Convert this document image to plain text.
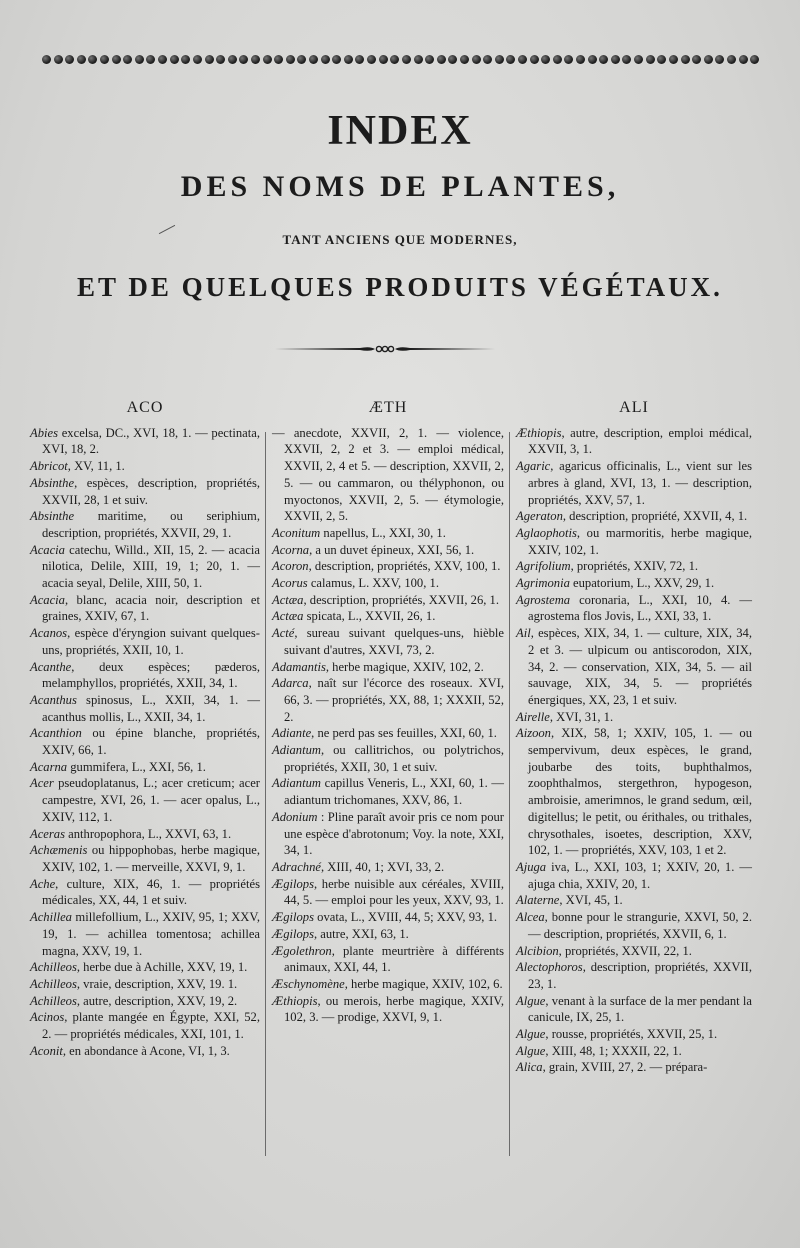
INDEX
DES NOMS DE PLANTES,
TANT ANCIENS QUE MODERNES,
ET DE QUELQUES PRODUITS VÉGÉTAUX.
ACO

Abies excelsa, DC., XVI, 18, 1. — pectinata, XVI, 18, 2.

Abricot, XV, 11, 1.

Absinthe, espèces, description, propriétés, XXVII, 28, 1 et suiv.

Absinthe maritime, ou seriphium, description, propriétés, XXVII, 29, 1.

Acacia catechu, Willd., XII, 15, 2. — acacia nilotica, Delile, XIII, 19, 1; 20, 1. — acacia seyal, Delile, XIII, 50, 1.

Acacia, blanc, acacia noir, description et graines, XXIV, 67, 1.

Acanos, espèce d'éryngion suivant quelques-uns, propriétés, XXII, 10, 1.

Acanthe, deux espèces; pæderos, melamphyllos, propriétés, XXII, 34, 1.

Acanthus spinosus, L., XXII, 34, 1. — acanthus mollis, L., XXII, 34, 1.

Acanthion ou épine blanche, propriétés, XXIV, 66, 1.

Acarna gummifera, L., XXI, 56, 1.

Acer pseudoplatanus, L.; acer creticum; acer campestre, XVI, 26, 1. — acer opalus, L., XXIV, 112, 1.

Aceras anthropophora, L., XXVI, 63, 1.

Achæmenis ou hippophobas, herbe magique, XXIV, 102, 1. — merveille, XXVI, 9, 1.

Ache, culture, XIX, 46, 1. — propriétés médicales, XX, 44, 1 et suiv.

Achillea millefollium, L., XXIV, 95, 1; XXV, 19, 1. — achillea tomentosa; achillea magna, XXV, 19, 1.

Achilleos, herbe due à Achille, XXV, 19, 1.

Achilleos, vraie, description, XXV, 19. 1.

Achilleos, autre, description, XXV, 19, 2.

Acinos, plante mangée en Égypte, XXI, 52, 2. — propriétés médicales, XXI, 101, 1.

Aconit, en abondance à Acone, VI, 1, 3.

ÆTH

— anecdote, XXVII, 2, 1. — violence, XXVII, 2, 2 et 3. — emploi médical, XXVII, 2, 4 et 5. — description, XXVII, 2, 5. — ou cammaron, ou thélyphonon, ou myoctonos, XXVII, 2, 5. — étymologie, XXVII, 2, 5.

Aconitum napellus, L., XXI, 30, 1.

Acorna, a un duvet épineux, XXI, 56, 1.

Acoron, description, propriétés, XXV, 100, 1.

Acorus calamus, L. XXV, 100, 1.

Actæa, description, propriétés, XXVII, 26, 1.

Actæa spicata, L., XXVII, 26, 1.

Acté, sureau suivant quelques-uns, hièble suivant d'autres, XXVI, 73, 2.

Adamantis, herbe magique, XXIV, 102, 2.

Adarca, naît sur l'écorce des roseaux. XVI, 66, 3. — propriétés, XX, 88, 1; XXXII, 52, 2.

Adiante, ne perd pas ses feuilles, XXI, 60, 1.

Adiantum, ou callitrichos, ou polytrichos, propriétés, XXII, 30, 1 et suiv.

Adiantum capillus Veneris, L., XXI, 60, 1. — adiantum trichomanes, XXV, 86, 1.

Adonium : Pline paraît avoir pris ce nom pour une espèce d'abrotonum; Voy. la note, XXI, 34, 1.

Adrachné, XIII, 40, 1; XVI, 33, 2.

Ægilops, herbe nuisible aux céréales, XVIII, 44, 5. — emploi pour les yeux, XXV, 93, 1.

Ægilops ovata, L., XVIII, 44, 5; XXV, 93, 1.

Ægilops, autre, XXI, 63, 1.

Ægolethron, plante meurtrière à différents animaux, XXI, 44, 1.

Æschynomène, herbe magique, XXIV, 102, 6.

Æthiopis, ou merois, herbe magique, XXIV, 102, 3. — prodige, XXVI, 9, 1.

ALI

Æthiopis, autre, description, emploi médical, XXVII, 3, 1.

Agaric, agaricus officinalis, L., vient sur les arbres à gland, XVI, 13, 1. — description, propriétés, XXV, 57, 1.

Ageraton, description, propriété, XXVII, 4, 1.

Aglaophotis, ou marmoritis, herbe magique, XXIV, 102, 1.

Agrifolium, propriétés, XXIV, 72, 1.

Agrimonia eupatorium, L., XXV, 29, 1.

Agrostema coronaria, L., XXI, 10, 4. — agrostema flos Jovis, L., XXI, 33, 1.

Ail, espèces, XIX, 34, 1. — culture, XIX, 34, 2 et 3. — ulpicum ou antiscorodon, XIX, 34, 2. — conservation, XIX, 34, 5. — ail sauvage, XIX, 34, 5. — propriétés énergiques, XX, 23, 1 et suiv.

Airelle, XVI, 31, 1.

Aizoon, XIX, 58, 1; XXIV, 105, 1. — ou sempervivum, deux espèces, le grand, joubarbe des toits, buphthalmos, zoophthalmos, stergethron, hypogeson, ambroisie, amerimnos, le grand sedum, œil, digitellus; le petit, ou érithales, ou trithales, chrysothales, isoetes, description, XXV, 102, 1. — propriétés, XXV, 103, 1 et 2.

Ajuga iva, L., XXI, 103, 1; XXIV, 20, 1. — ajuga chia, XXIV, 20, 1.

Alaterne, XVI, 45, 1.

Alcea, bonne pour le strangurie, XXVI, 50, 2. — description, propriétés, XXVII, 6, 1.

Alcibion, propriétés, XXVII, 22, 1.

Alectophoros, description, propriétés, XXVII, 23, 1.

Algue, venant à la surface de la mer pendant la canicule, IX, 25, 1.

Algue, rousse, propriétés, XXVII, 25, 1.

Algue, XIII, 48, 1; XXXII, 22, 1.

Alica, grain, XVIII, 27, 2. — prépara-
